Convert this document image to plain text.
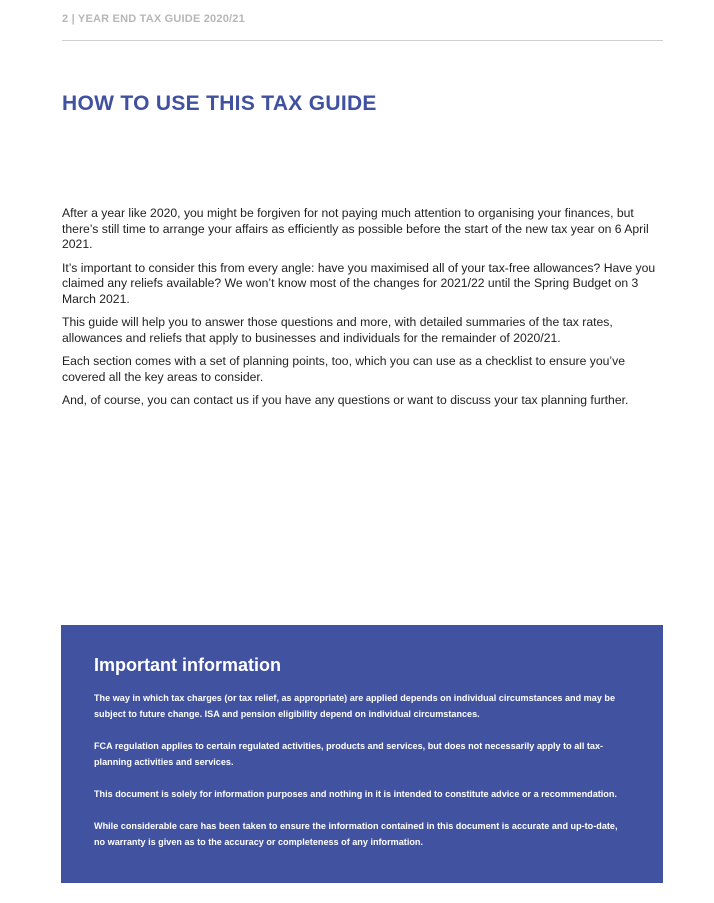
2 | YEAR END TAX GUIDE 2020/21
HOW TO USE THIS TAX GUIDE

After a year like 2020, you might be forgiven for not paying much attention to organising your finances, but there’s still time to arrange your affairs as efficiently as possible before the start of the new tax year on 6 April 2021.

It’s important to consider this from every angle: have you maximised all of your tax-free allowances? Have you claimed any reliefs available? We won’t know most of the changes for 2021/22 until the Spring Budget on 3 March 2021.

This guide will help you to answer those questions and more, with detailed summaries of the tax rates, allowances and reliefs that apply to businesses and individuals for the remainder of 2020/21.

Each section comes with a set of planning points, too, which you can use as a checklist to ensure you’ve covered all the key areas to consider.

And, of course, you can contact us if you have any questions or want to discuss your tax planning further.

Important information

The way in which tax charges (or tax relief, as appropriate) are applied depends on individual circumstances and may be subject to future change. ISA and pension eligibility depend on individual circumstances.

FCA regulation applies to certain regulated activities, products and services, but does not necessarily apply to all tax-planning activities and services.

This document is solely for information purposes and nothing in it is intended to constitute advice or a recommendation.

While considerable care has been taken to ensure the information contained in this document is accurate and up-to-date, no warranty is given as to the accuracy or completeness of any information.
